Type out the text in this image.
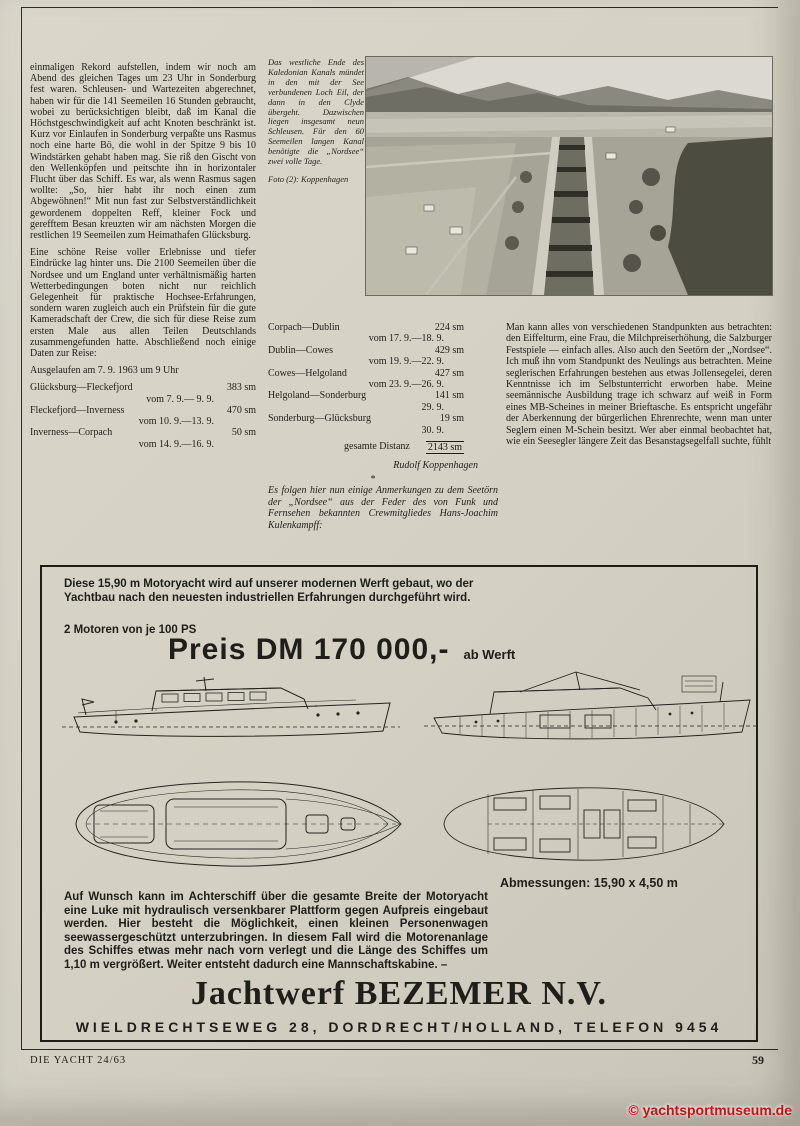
einmaligen Rekord aufstellen, indem wir noch am Abend des gleichen Tages um 23 Uhr in Sonderburg fest waren. Schleusen- und Wartezeiten abgerechnet, haben wir für die 141 Seemeilen 16 Stunden gebraucht, wobei zu berücksichtigen bleibt, daß im Kanal die Höchstgeschwindigkeit auf acht Knoten beschränkt ist. Kurz vor Einlaufen in Sonderburg verpaßte uns Rasmus noch eine harte Bö, die wohl in der Spitze 9 bis 10 Windstärken gehabt haben mag. Sie riß den Gischt von den Wellenköpfen und peitschte ihn in horizontaler Flucht über das Schiff. Es war, als wenn Rasmus sagen wollte: „So, hier habt ihr noch einen zum Abgewöhnen!“ Mit nun fast zur Selbstverständlichkeit gewordenem doppelten Reff, kleiner Fock und gerefftem Besan kreuzten wir am nächsten Morgen die restlichen 19 Seemeilen zum Heimathafen Glücksburg.

Eine schöne Reise voller Erlebnisse und tiefer Eindrücke lag hinter uns. Die 2100 Seemeilen über die Nordsee und um England unter verhältnismäßig harten Wetterbedingungen boten nicht nur reichlich Gelegenheit für praktische Hochsee-Erfahrungen, sondern waren zugleich auch ein Prüfstein für die gute Kameradschaft der Crew, die sich für diese Reise zum ersten Male aus allen Teilen Deutschlands zusammengefunden hatte. Abschließend noch einige Daten zur Reise:

Ausgelaufen am 7. 9. 1963 um 9 Uhr

Glücksburg—Fleckefjord	383 sm
vom 7. 9.— 9. 9.
Fleckefjord—Inverness	470 sm
vom 10. 9.—13. 9.
Inverness—Corpach	50 sm
vom 14. 9.—16. 9.

Das westliche Ende des Kaledonian Kanals mündet in den mit der See verbundenen Loch Eil, der dann in den Clyde übergeht. Dazwischen liegen insgesamt neun Schleusen. Für den 60 Seemeilen langen Kanal benötigte die „Nordsee“ zwei volle Tage.

Foto (2): Koppenhagen

Corpach—Dublin	224 sm
vom 17. 9.—18. 9.
Dublin—Cowes	429 sm
vom 19. 9.—22. 9.
Cowes—Helgoland	427 sm
vom 23. 9.—26. 9.
Helgoland—Sonderburg	141 sm
29. 9.
Sonderburg—Glücksburg	19 sm
30. 9.
gesamte Distanz 2143 sm
Rudolf Koppenhagen
*

Es folgen hier nun einige Anmerkungen zu dem Seetörn der „Nordsee“ aus der Feder des von Funk und Fernsehen bekannten Crewmitgliedes Hans-Joachim Kulenkampff:

Man kann alles von verschiedenen Standpunkten aus betrachten: den Eiffelturm, eine Frau, die Milchpreiserhöhung, die Salzburger Festspiele — einfach alles. Also auch den Seetörn der „Nordsee“. Ich muß ihn vom Standpunkt des Neulings aus betrachten. Meine seglerischen Erfahrungen bestehen aus etwas Jollensegelei, deren Kenntnisse ich im Selbstunterricht erworben habe. Meine seemännische Ausbildung trage ich schwarz auf weiß in Form eines MB-Scheines in meiner Brieftasche. Es entspricht ungefähr der Aberkennung der bürgerlichen Ehrenrechte, wenn man unter Seglern einen M-Schein besitzt. Wer aber einmal beobachtet hat, wie ein Seesegler längere Zeit das Besanstagsegelfall suchte, fühlt

Diese 15,90 m Motoryacht wird auf unserer modernen Werft gebaut, wo der Yachtbau nach den neuesten industriellen Erfahrungen durchgeführt wird.
2 Motoren von je 100 PS
Preis DM 170 000,- ab Werft
Abmessungen: 15,90 x 4,50 m
Auf Wunsch kann im Achterschiff über die gesamte Breite der Motoryacht eine Luke mit hydraulisch versenkbarer Plattform gegen Aufpreis eingebaut werden. Hier besteht die Möglichkeit, einen kleinen Personenwagen seewassergeschützt unterzubringen. In diesem Fall wird die Motorenanlage des Schiffes etwas mehr nach vorn verlegt und die Länge des Schiffes um 1,10 m vergrößert. Weiter entsteht dadurch eine Mannschaftskabine. –
Jachtwerf BEZEMER N.V.
WIELDRECHTSEWEG 28, DORDRECHT/HOLLAND, TELEFON 9454
DIE YACHT 24/63	59
© yachtsportmuseum.de
